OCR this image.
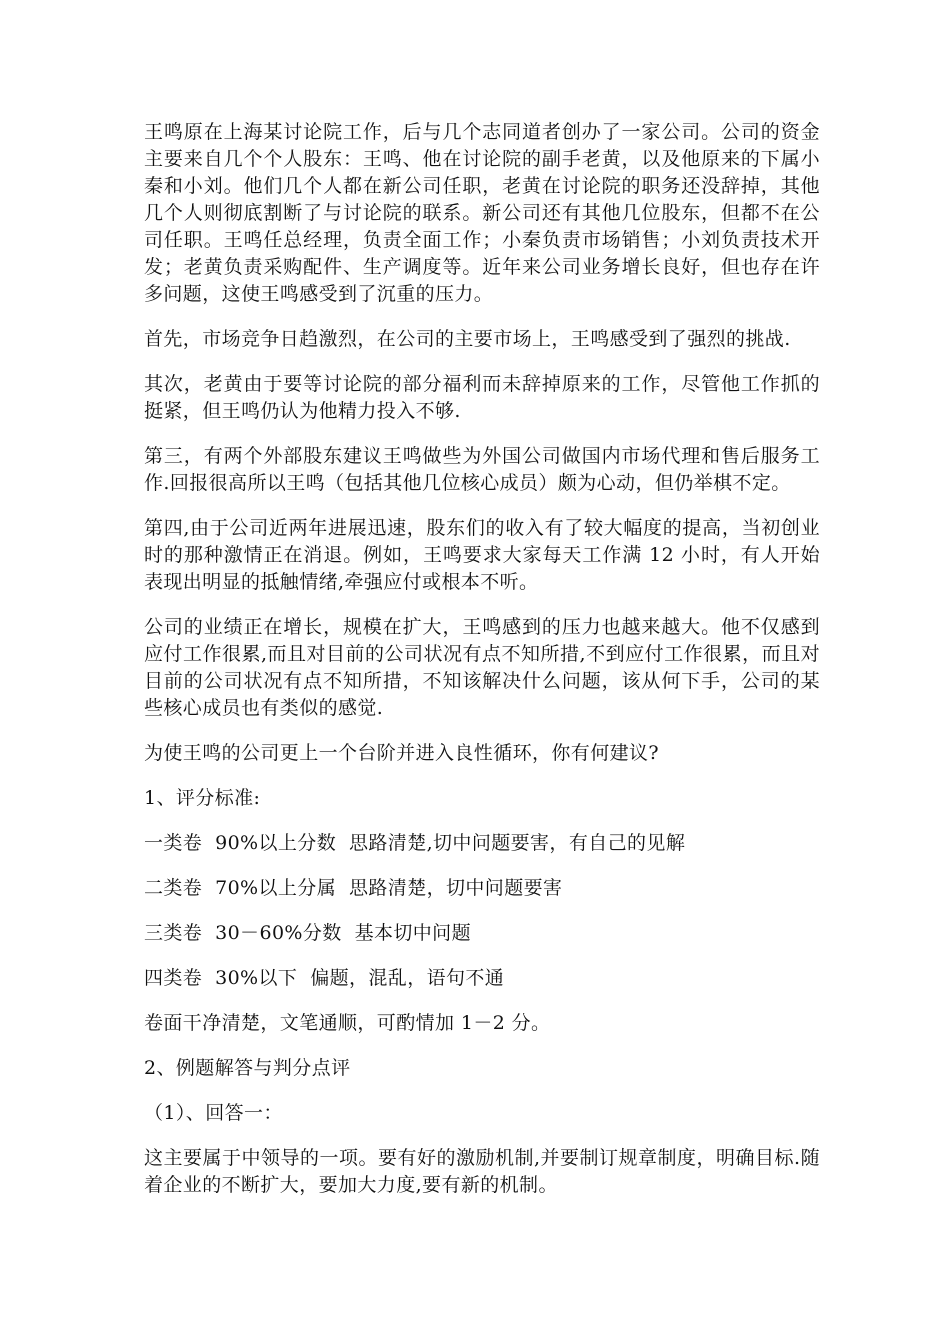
王鸣原在上海某讨论院工作，后与几个志同道者创办了一家公司。公司的资金主要来自几个个人股东：王鸣、他在讨论院的副手老黄，以及他原来的下属小秦和小刘。他们几个人都在新公司任职，老黄在讨论院的职务还没辞掉，其他几个人则彻底割断了与讨论院的联系。新公司还有其他几位股东，但都不在公司任职。王鸣任总经理，负责全面工作；小秦负责市场销售；小刘负责技术开发；老黄负责采购配件、生产调度等。近年来公司业务增长良好，但也存在许多问题，这使王鸣感受到了沉重的压力。

首先，市场竞争日趋激烈，在公司的主要市场上，王鸣感受到了强烈的挑战.

其次，老黄由于要等讨论院的部分福利而未辞掉原来的工作，尽管他工作抓的挺紧，但王鸣仍认为他精力投入不够.

第三，有两个外部股东建议王鸣做些为外国公司做国内市场代理和售后服务工作.回报很高所以王鸣（包括其他几位核心成员）颇为心动，但仍举棋不定。

第四,由于公司近两年进展迅速，股东们的收入有了较大幅度的提高，当初创业时的那种激情正在消退。例如，王鸣要求大家每天工作满 12 小时，有人开始表现出明显的抵触情绪,牵强应付或根本不听。

公司的业绩正在增长，规模在扩大，王鸣感到的压力也越来越大。他不仅感到应付工作很累,而且对目前的公司状况有点不知所措,不到应付工作很累，而且对目前的公司状况有点不知所措，不知该解决什么问题，该从何下手，公司的某些核心成员也有类似的感觉.

为使王鸣的公司更上一个台阶并进入良性循环，你有何建议?

1、评分标准:

一类卷  90%以上分数  思路清楚,切中问题要害，有自己的见解

二类卷  70%以上分属  思路清楚，切中问题要害

三类卷  30－60%分数  基本切中问题

四类卷  30%以下  偏题，混乱，语句不通

卷面干净清楚，文笔通顺，可酌情加 1－2 分。

2、例题解答与判分点评

（1）、回答一：

这主要属于中领导的一项。要有好的激励机制,并要制订规章制度，明确目标.随着企业的不断扩大，要加大力度,要有新的机制。
